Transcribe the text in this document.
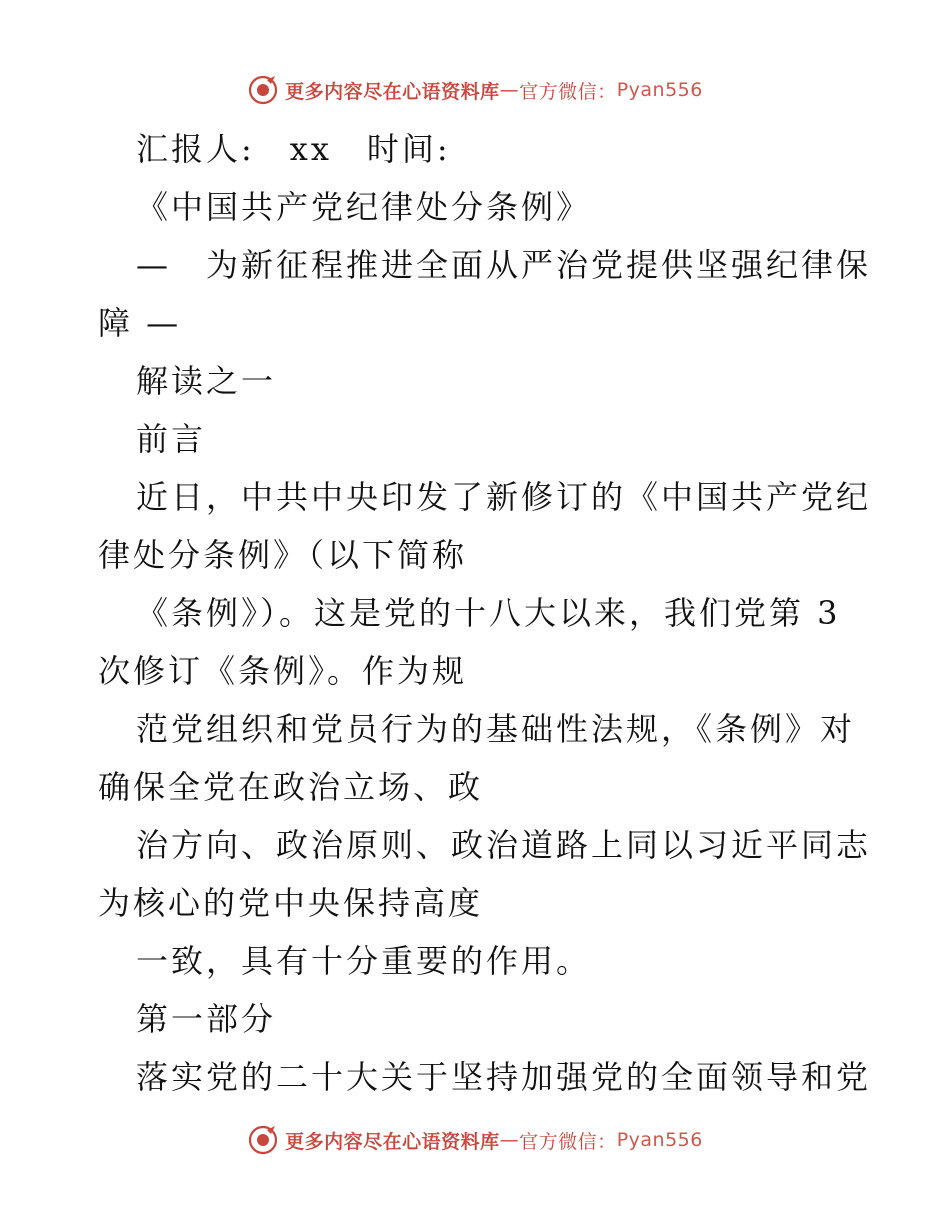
更多内容尽在心语资料库 — 官方微信： Pyan556
汇报人:　xx　时间:
《中国共产党纪律处分条例》
—　为新征程推进全面从严治党提供坚强纪律保
障 —
解读之一
前言
近日，中共中央印发了新修订的《中国共产党纪
律处分条例》（以下简称
《条例》）。这是党的十八大以来，我们党第 3
次修订《条例》。作为规
范党组织和党员行为的基础性法规，《条例》对
确保全党在政治立场、政
治方向、政治原则、政治道路上同以习近平同志
为核心的党中央保持高度
一致，具有十分重要的作用。
第一部分
落实党的二十大关于坚持加强党的全面领导和党
更多内容尽在心语资料库 — 官方微信： Pyan556
